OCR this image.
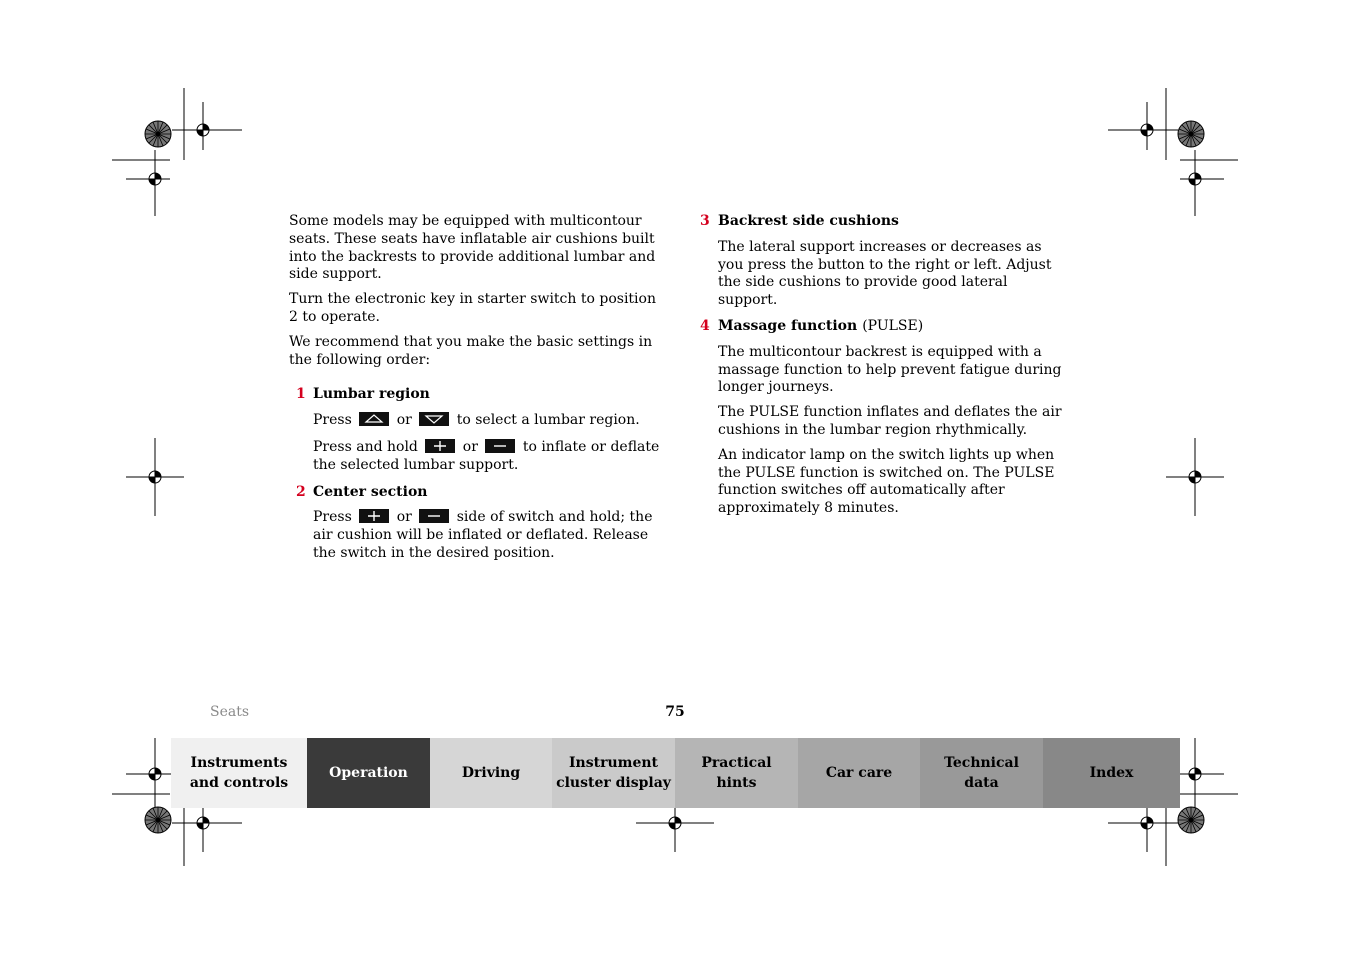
Some models may be equipped with multicontour seats. These seats have inflatable air cushions built into the backrests to provide additional lumbar and side support.

Turn the electronic key in starter switch to position 2 to operate.

We recommend that you make the basic settings in the following order:

1 Lumbar region

Press	or	to select a lumbar region.

Press and hold	or	to inflate or deflate the selected lumbar support.

2 Center section

Press	or	side of switch and hold; the air cushion will be inflated or deflated. Release the switch in the desired position.

3 Backrest side cushions

The lateral support increases or decreases as you press the button to the right or left. Adjust the side cushions to provide good lateral support.

4 Massage function (PULSE)

The multicontour backrest is equipped with a massage function to help prevent fatigue during longer journeys.

The PULSE function inflates and deflates the air cushions in the lumbar region rhythmically.

An indicator lamp on the switch lights up when the PULSE function is switched on. The PULSE function switches off automatically after approximately 8 minutes.

Seats	75
Instruments
and controls
Operation	Driving
Instrument
cluster display
Practical hints
Car care
Technical
data
Index
